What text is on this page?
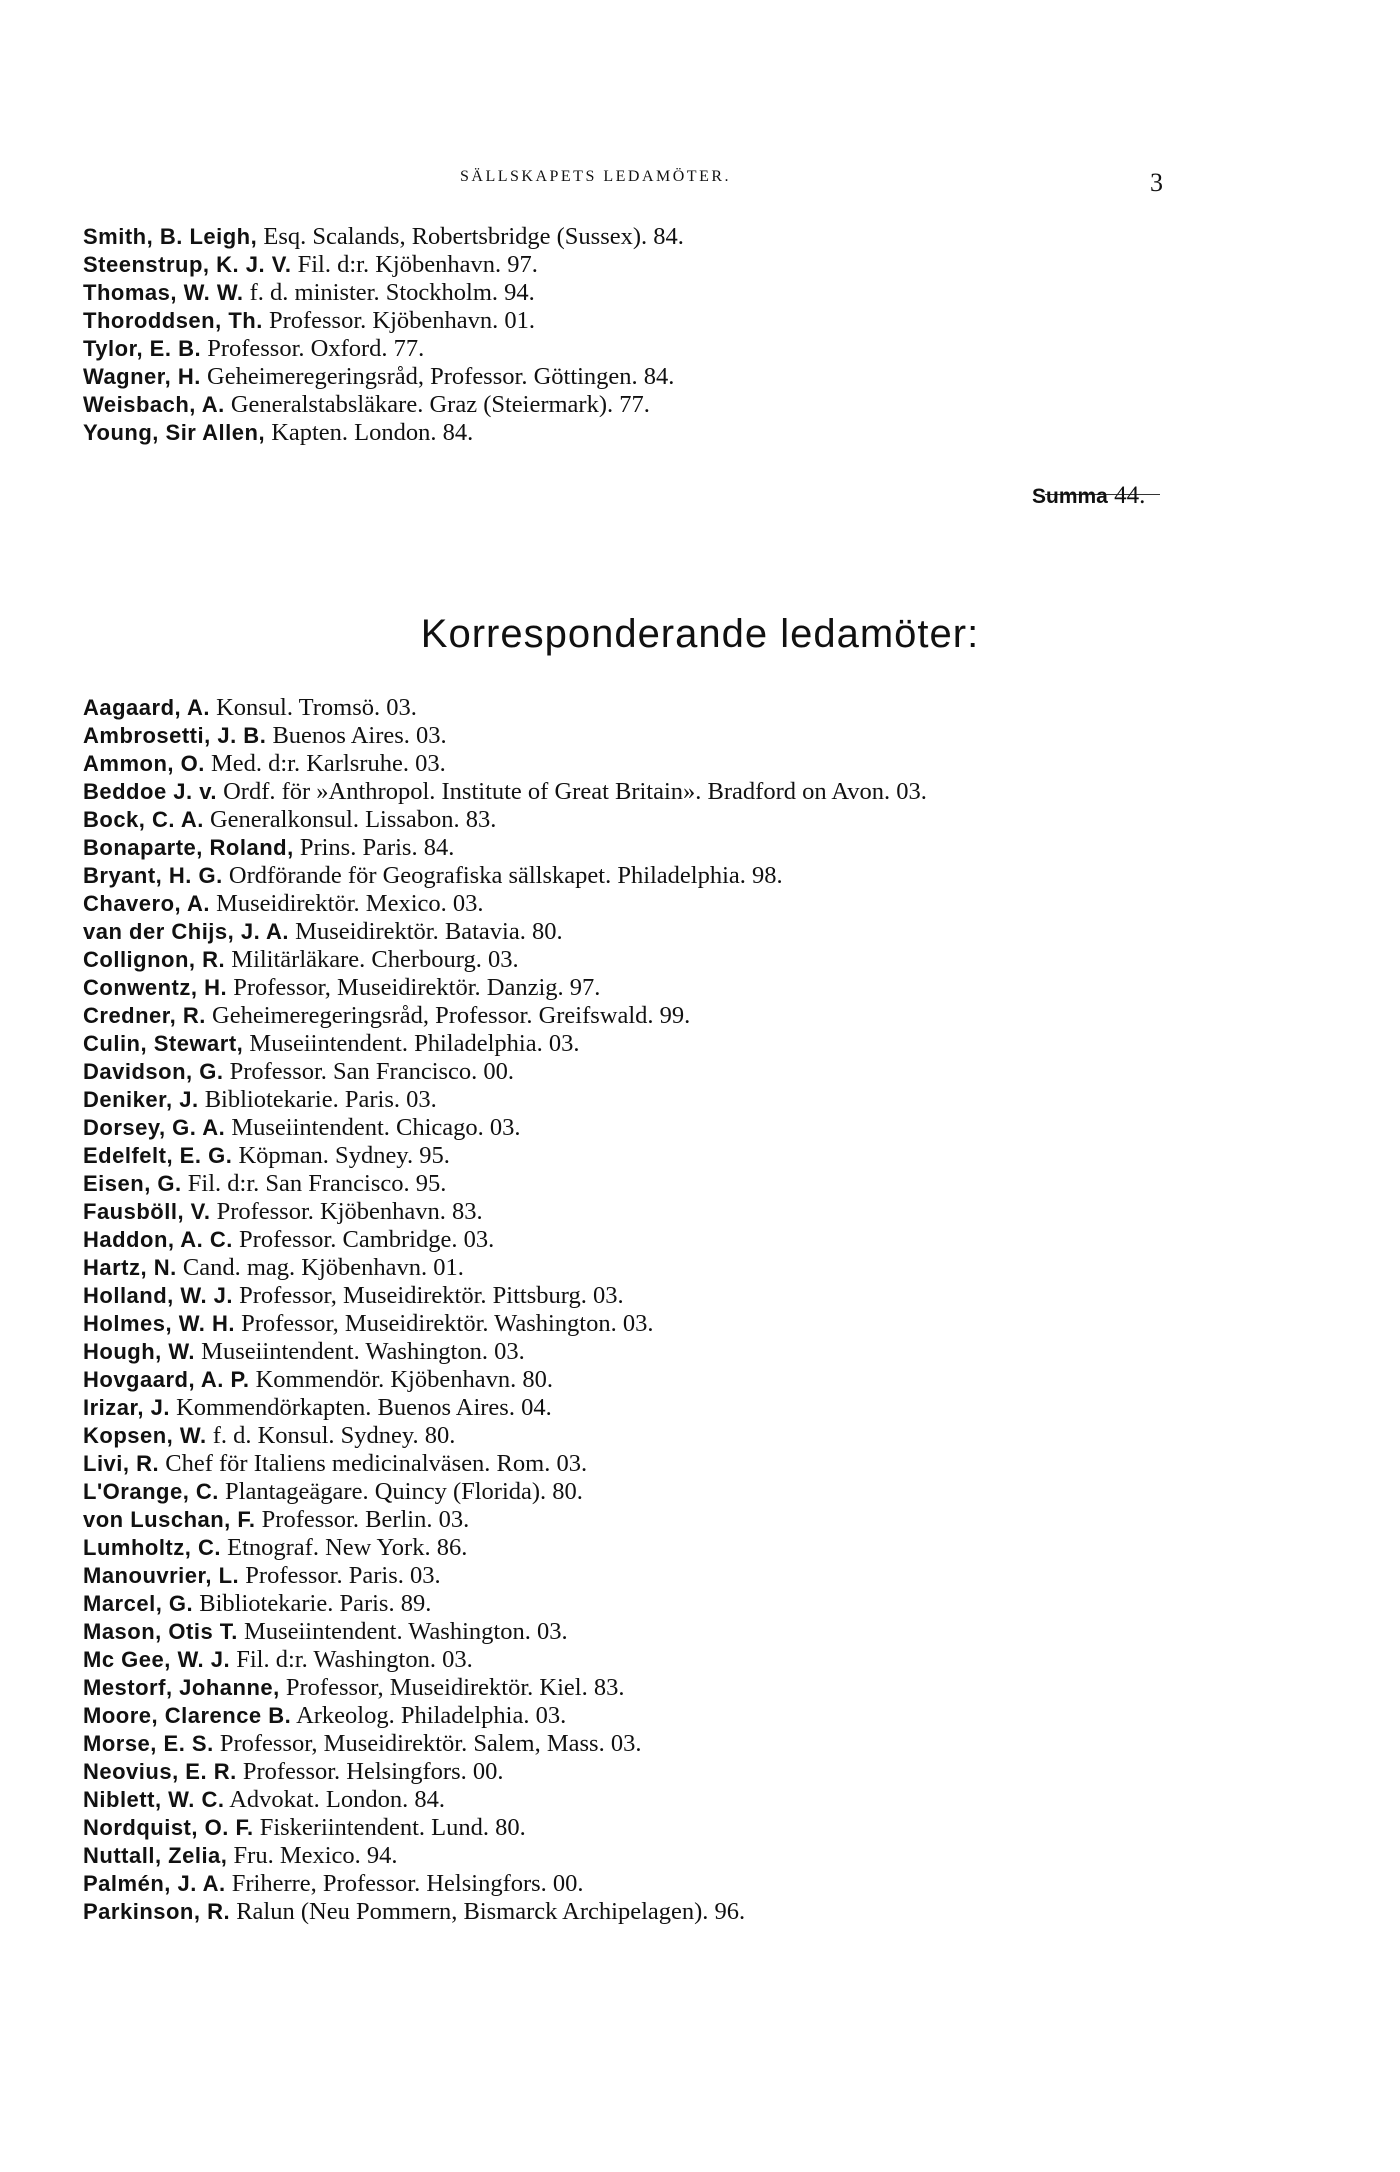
SÄLLSKAPETS LEDAMÖTER.	3
Smith, B. Leigh, Esq. Scalands, Robertsbridge (Sussex). 84.
Steenstrup, K. J. V. Fil. d:r. Kjöbenhavn. 97.
Thomas, W. W. f. d. minister. Stockholm. 94.
Thoroddsen, Th. Professor. Kjöbenhavn. 01.
Tylor, E. B. Professor. Oxford. 77.
Wagner, H. Geheimeregeringsråd, Professor. Göttingen. 84.
Weisbach, A. Generalstabsläkare. Graz (Steiermark). 77.
Young, Sir Allen, Kapten. London. 84.
Summa 44.
Korresponderande ledamöter:
Aagaard, A. Konsul. Tromsö. 03.
Ambrosetti, J. B. Buenos Aires. 03.
Ammon, O. Med. d:r. Karlsruhe. 03.
Beddoe J. v. Ordf. för »Anthropol. Institute of Great Britain». Bradford on Avon. 03.
Bock, C. A. Generalkonsul. Lissabon. 83.
Bonaparte, Roland, Prins. Paris. 84.
Bryant, H. G. Ordförande för Geografiska sällskapet. Philadelphia. 98.
Chavero, A. Museidirektör. Mexico. 03.
van der Chijs, J. A. Museidirektör. Batavia. 80.
Collignon, R. Militärläkare. Cherbourg. 03.
Conwentz, H. Professor, Museidirektör. Danzig. 97.
Credner, R. Geheimeregeringsråd, Professor. Greifswald. 99.
Culin, Stewart, Museiintendent. Philadelphia. 03.
Davidson, G. Professor. San Francisco. 00.
Deniker, J. Bibliotekarie. Paris. 03.
Dorsey, G. A. Museiintendent. Chicago. 03.
Edelfelt, E. G. Köpman. Sydney. 95.
Eisen, G. Fil. d:r. San Francisco. 95.
Fausböll, V. Professor. Kjöbenhavn. 83.
Haddon, A. C. Professor. Cambridge. 03.
Hartz, N. Cand. mag. Kjöbenhavn. 01.
Holland, W. J. Professor, Museidirektör. Pittsburg. 03.
Holmes, W. H. Professor, Museidirektör. Washington. 03.
Hough, W. Museiintendent. Washington. 03.
Hovgaard, A. P. Kommendör. Kjöbenhavn. 80.
Irizar, J. Kommendörkapten. Buenos Aires. 04.
Kopsen, W. f. d. Konsul. Sydney. 80.
Livi, R. Chef för Italiens medicinalväsen. Rom. 03.
L'Orange, C. Plantageägare. Quincy (Florida). 80.
von Luschan, F. Professor. Berlin. 03.
Lumholtz, C. Etnograf. New York. 86.
Manouvrier, L. Professor. Paris. 03.
Marcel, G. Bibliotekarie. Paris. 89.
Mason, Otis T. Museiintendent. Washington. 03.
Mc Gee, W. J. Fil. d:r. Washington. 03.
Mestorf, Johanne, Professor, Museidirektör. Kiel. 83.
Moore, Clarence B. Arkeolog. Philadelphia. 03.
Morse, E. S. Professor, Museidirektör. Salem, Mass. 03.
Neovius, E. R. Professor. Helsingfors. 00.
Niblett, W. C. Advokat. London. 84.
Nordquist, O. F. Fiskeriintendent. Lund. 80.
Nuttall, Zelia, Fru. Mexico. 94.
Palmén, J. A. Friherre, Professor. Helsingfors. 00.
Parkinson, R. Ralun (Neu Pommern, Bismarck Archipelagen). 96.
